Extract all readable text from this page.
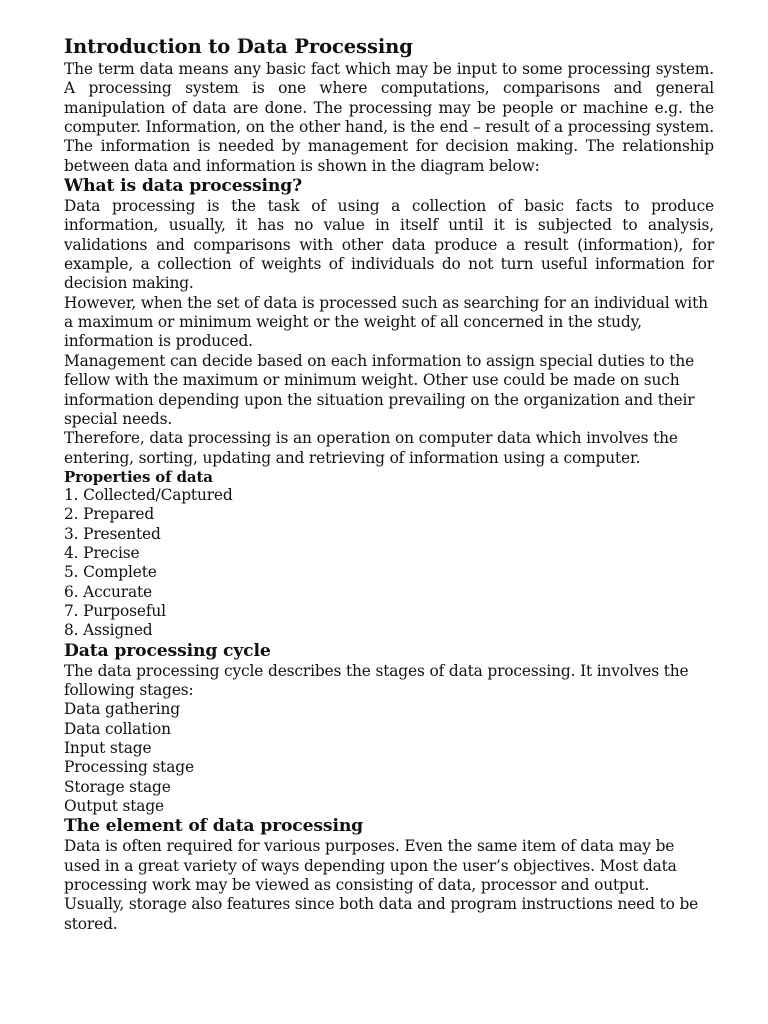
Introduction to Data Processing

The term data means any basic fact which may be input to some processing system. A processing system is one where computations, comparisons and general manipulation of data are done. The processing may be people or machine e.g. the computer. Information, on the other hand, is the end – result of a processing system. The information is needed by management for decision making. The relationship between data and information is shown in the diagram below:

What is data processing?

Data processing is the task of using a collection of basic facts to produce information, usually, it has no value in itself until it is subjected to analysis, validations and comparisons with other data produce a result (information), for example, a collection of weights of individuals do not turn useful information for decision making.

However, when the set of data is processed such as searching for an individual with a maximum or minimum weight or the weight of all concerned in the study, information is produced.

Management can decide based on each information to assign special duties to the fellow with the maximum or minimum weight. Other use could be made on such information depending upon the situation prevailing on the organization and their special needs.

Therefore, data processing is an operation on computer data which involves the entering, sorting, updating and retrieving of information using a computer.

Properties of data
1. Collected/Captured
2. Prepared
3. Presented
4. Precise
5. Complete
6. Accurate
7. Purposeful
8. Assigned
Data processing cycle

The data processing cycle describes the stages of data processing. It involves the following stages:

Data gathering
Data collation
Input stage
Processing stage
Storage stage
Output stage
The element of data processing

Data is often required for various purposes. Even the same item of data may be used in a great variety of ways depending upon the user’s objectives. Most data processing work may be viewed as consisting of data, processor and output. Usually, storage also features since both data and program instructions need to be stored.
